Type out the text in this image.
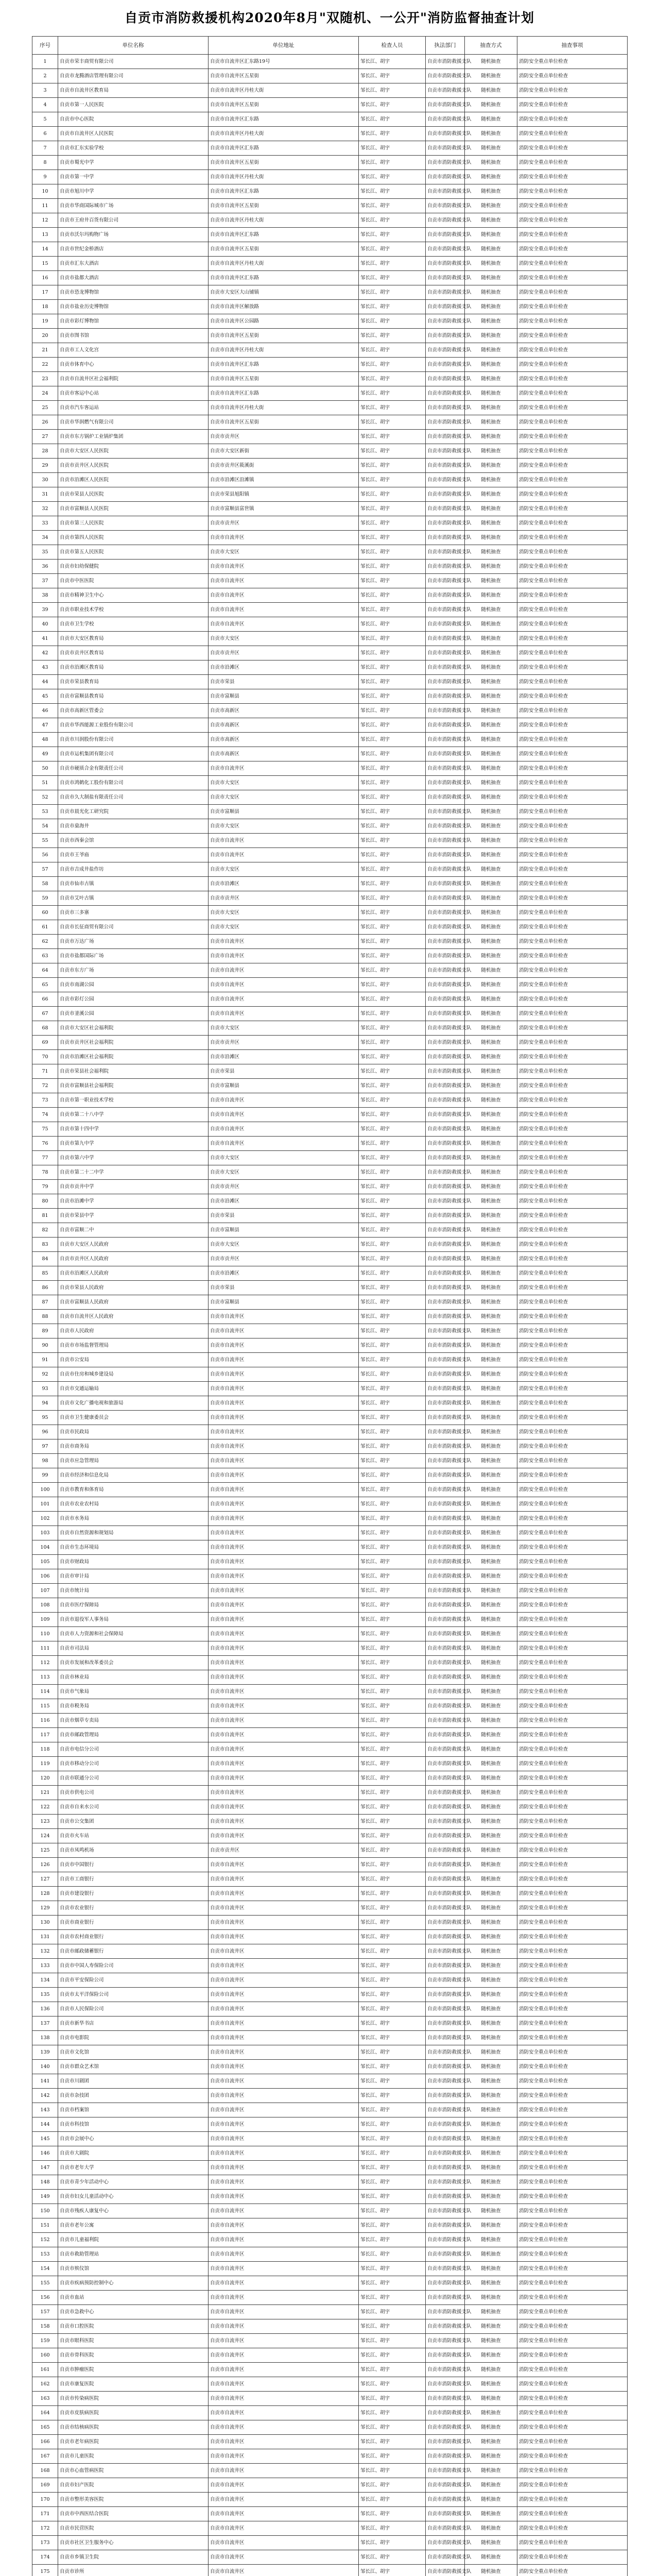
自贡市消防救援机构2020年8月"双随机、一公开"消防监督抽查计划
序号	单位名称	单位地址	检查人员	执法部门	抽查方式	抽查事项
1	自贡市荣丰商贸有限公司	自贡市自流井区汇东路19号	邹长江、胡宇	自贡市消防救援支队	随机抽查	消防安全重点单位检查
2	自贡市龙腾酒店管理有限公司	自贡市自流井区五星街	邹长江、胡宇	自贡市消防救援支队	随机抽查	消防安全重点单位检查
3	自贡市自流井区教育局	自贡市自流井区丹桂大街	邹长江、胡宇	自贡市消防救援支队	随机抽查	消防安全重点单位检查
4	自贡市第一人民医院	自贡市自流井区五星街	邹长江、胡宇	自贡市消防救援支队	随机抽查	消防安全重点单位检查
5	自贡市中心医院	自贡市自流井区汇东路	邹长江、胡宇	自贡市消防救援支队	随机抽查	消防安全重点单位检查
6	自贡市自流井区人民医院	自贡市自流井区丹桂大街	邹长江、胡宇	自贡市消防救援支队	随机抽查	消防安全重点单位检查
7	自贡市汇东实验学校	自贡市自流井区汇东路	邹长江、胡宇	自贡市消防救援支队	随机抽查	消防安全重点单位检查
8	自贡市蜀光中学	自贡市自流井区五星街	邹长江、胡宇	自贡市消防救援支队	随机抽查	消防安全重点单位检查
9	自贡市第一中学	自贡市自流井区丹桂大街	邹长江、胡宇	自贡市消防救援支队	随机抽查	消防安全重点单位检查
10	自贡市旭川中学	自贡市自流井区汇东路	邹长江、胡宇	自贡市消防救援支队	随机抽查	消防安全重点单位检查
11	自贡市华商国际城市广场	自贡市自流井区五星街	邹长江、胡宇	自贡市消防救援支队	随机抽查	消防安全重点单位检查
12	自贡市王府井百货有限公司	自贡市自流井区丹桂大街	邹长江、胡宇	自贡市消防救援支队	随机抽查	消防安全重点单位检查
13	自贡市沃尔玛购物广场	自贡市自流井区汇东路	邹长江、胡宇	自贡市消防救援支队	随机抽查	消防安全重点单位检查
14	自贡市世纪金桥酒店	自贡市自流井区五星街	邹长江、胡宇	自贡市消防救援支队	随机抽查	消防安全重点单位检查
15	自贡市汇东大酒店	自贡市自流井区丹桂大街	邹长江、胡宇	自贡市消防救援支队	随机抽查	消防安全重点单位检查
16	自贡市盐都大酒店	自贡市自流井区汇东路	邹长江、胡宇	自贡市消防救援支队	随机抽查	消防安全重点单位检查
17	自贡市恐龙博物馆	自贡市大安区大山铺镇	邹长江、胡宇	自贡市消防救援支队	随机抽查	消防安全重点单位检查
18	自贡市盐业历史博物馆	自贡市自流井区解放路	邹长江、胡宇	自贡市消防救援支队	随机抽查	消防安全重点单位检查
19	自贡市彩灯博物馆	自贡市自流井区公园路	邹长江、胡宇	自贡市消防救援支队	随机抽查	消防安全重点单位检查
20	自贡市图书馆	自贡市自流井区五星街	邹长江、胡宇	自贡市消防救援支队	随机抽查	消防安全重点单位检查
21	自贡市工人文化宫	自贡市自流井区丹桂大街	邹长江、胡宇	自贡市消防救援支队	随机抽查	消防安全重点单位检查
22	自贡市体育中心	自贡市自流井区汇东路	邹长江、胡宇	自贡市消防救援支队	随机抽查	消防安全重点单位检查
23	自贡市自流井区社会福利院	自贡市自流井区五星街	邹长江、胡宇	自贡市消防救援支队	随机抽查	消防安全重点单位检查
24	自贡市客运中心站	自贡市自流井区汇东路	邹长江、胡宇	自贡市消防救援支队	随机抽查	消防安全重点单位检查
25	自贡市汽车客运站	自贡市自流井区丹桂大街	邹长江、胡宇	自贡市消防救援支队	随机抽查	消防安全重点单位检查
26	自贡市华润燃气有限公司	自贡市自流井区五星街	邹长江、胡宇	自贡市消防救援支队	随机抽查	消防安全重点单位检查
27	自贡市东方锅炉工业锅炉集团	自贡市贡井区	邹长江、胡宇	自贡市消防救援支队	随机抽查	消防安全重点单位检查
28	自贡市大安区人民医院	自贡市大安区新街	邹长江、胡宇	自贡市消防救援支队	随机抽查	消防安全重点单位检查
29	自贡市贡井区人民医院	自贡市贡井区筱溪街	邹长江、胡宇	自贡市消防救援支队	随机抽查	消防安全重点单位检查
30	自贡市沿滩区人民医院	自贡市沿滩区沿滩镇	邹长江、胡宇	自贡市消防救援支队	随机抽查	消防安全重点单位检查
31	自贡市荣县人民医院	自贡市荣县旭阳镇	邹长江、胡宇	自贡市消防救援支队	随机抽查	消防安全重点单位检查
32	自贡市富顺县人民医院	自贡市富顺县富世镇	邹长江、胡宇	自贡市消防救援支队	随机抽查	消防安全重点单位检查
33	自贡市第三人民医院	自贡市贡井区	邹长江、胡宇	自贡市消防救援支队	随机抽查	消防安全重点单位检查
34	自贡市第四人民医院	自贡市自流井区	邹长江、胡宇	自贡市消防救援支队	随机抽查	消防安全重点单位检查
35	自贡市第五人民医院	自贡市大安区	邹长江、胡宇	自贡市消防救援支队	随机抽查	消防安全重点单位检查
36	自贡市妇幼保健院	自贡市自流井区	邹长江、胡宇	自贡市消防救援支队	随机抽查	消防安全重点单位检查
37	自贡市中医医院	自贡市自流井区	邹长江、胡宇	自贡市消防救援支队	随机抽查	消防安全重点单位检查
38	自贡市精神卫生中心	自贡市自流井区	邹长江、胡宇	自贡市消防救援支队	随机抽查	消防安全重点单位检查
39	自贡市职业技术学校	自贡市自流井区	邹长江、胡宇	自贡市消防救援支队	随机抽查	消防安全重点单位检查
40	自贡市卫生学校	自贡市自流井区	邹长江、胡宇	自贡市消防救援支队	随机抽查	消防安全重点单位检查
41	自贡市大安区教育局	自贡市大安区	邹长江、胡宇	自贡市消防救援支队	随机抽查	消防安全重点单位检查
42	自贡市贡井区教育局	自贡市贡井区	邹长江、胡宇	自贡市消防救援支队	随机抽查	消防安全重点单位检查
43	自贡市沿滩区教育局	自贡市沿滩区	邹长江、胡宇	自贡市消防救援支队	随机抽查	消防安全重点单位检查
44	自贡市荣县教育局	自贡市荣县	邹长江、胡宇	自贡市消防救援支队	随机抽查	消防安全重点单位检查
45	自贡市富顺县教育局	自贡市富顺县	邹长江、胡宇	自贡市消防救援支队	随机抽查	消防安全重点单位检查
46	自贡市高新区管委会	自贡市高新区	邹长江、胡宇	自贡市消防救援支队	随机抽查	消防安全重点单位检查
47	自贡市华西能源工业股份有限公司	自贡市高新区	邹长江、胡宇	自贡市消防救援支队	随机抽查	消防安全重点单位检查
48	自贡市川润股份有限公司	自贡市高新区	邹长江、胡宇	自贡市消防救援支队	随机抽查	消防安全重点单位检查
49	自贡市运机集团有限公司	自贡市高新区	邹长江、胡宇	自贡市消防救援支队	随机抽查	消防安全重点单位检查
50	自贡市硬质合金有限责任公司	自贡市自流井区	邹长江、胡宇	自贡市消防救援支队	随机抽查	消防安全重点单位检查
51	自贡市鸿鹤化工股份有限公司	自贡市大安区	邹长江、胡宇	自贡市消防救援支队	随机抽查	消防安全重点单位检查
52	自贡市久大制盐有限责任公司	自贡市大安区	邹长江、胡宇	自贡市消防救援支队	随机抽查	消防安全重点单位检查
53	自贡市晨光化工研究院	自贡市富顺县	邹长江、胡宇	自贡市消防救援支队	随机抽查	消防安全重点单位检查
54	自贡市燊海井	自贡市大安区	邹长江、胡宇	自贡市消防救援支队	随机抽查	消防安全重点单位检查
55	自贡市西秦会馆	自贡市自流井区	邹长江、胡宇	自贡市消防救援支队	随机抽查	消防安全重点单位检查
56	自贡市王爷庙	自贡市自流井区	邹长江、胡宇	自贡市消防救援支队	随机抽查	消防安全重点单位检查
57	自贡市吉成井盐作坊	自贡市大安区	邹长江、胡宇	自贡市消防救援支队	随机抽查	消防安全重点单位检查
58	自贡市仙市古镇	自贡市沿滩区	邹长江、胡宇	自贡市消防救援支队	随机抽查	消防安全重点单位检查
59	自贡市艾叶古镇	自贡市贡井区	邹长江、胡宇	自贡市消防救援支队	随机抽查	消防安全重点单位检查
60	自贡市三多寨	自贡市大安区	邹长江、胡宇	自贡市消防救援支队	随机抽查	消防安全重点单位检查
61	自贡市长征商贸有限公司	自贡市大安区	邹长江、胡宇	自贡市消防救援支队	随机抽查	消防安全重点单位检查
62	自贡市万达广场	自贡市自流井区	邹长江、胡宇	自贡市消防救援支队	随机抽查	消防安全重点单位检查
63	自贡市盐都国际广场	自贡市自流井区	邹长江、胡宇	自贡市消防救援支队	随机抽查	消防安全重点单位检查
64	自贡市东方广场	自贡市自流井区	邹长江、胡宇	自贡市消防救援支队	随机抽查	消防安全重点单位检查
65	自贡市南湖公园	自贡市自流井区	邹长江、胡宇	自贡市消防救援支队	随机抽查	消防安全重点单位检查
66	自贡市彩灯公园	自贡市自流井区	邹长江、胡宇	自贡市消防救援支队	随机抽查	消防安全重点单位检查
67	自贡市釜溪公园	自贡市自流井区	邹长江、胡宇	自贡市消防救援支队	随机抽查	消防安全重点单位检查
68	自贡市大安区社会福利院	自贡市大安区	邹长江、胡宇	自贡市消防救援支队	随机抽查	消防安全重点单位检查
69	自贡市贡井区社会福利院	自贡市贡井区	邹长江、胡宇	自贡市消防救援支队	随机抽查	消防安全重点单位检查
70	自贡市沿滩区社会福利院	自贡市沿滩区	邹长江、胡宇	自贡市消防救援支队	随机抽查	消防安全重点单位检查
71	自贡市荣县社会福利院	自贡市荣县	邹长江、胡宇	自贡市消防救援支队	随机抽查	消防安全重点单位检查
72	自贡市富顺县社会福利院	自贡市富顺县	邹长江、胡宇	自贡市消防救援支队	随机抽查	消防安全重点单位检查
73	自贡市第一职业技术学校	自贡市自流井区	邹长江、胡宇	自贡市消防救援支队	随机抽查	消防安全重点单位检查
74	自贡市第二十八中学	自贡市自流井区	邹长江、胡宇	自贡市消防救援支队	随机抽查	消防安全重点单位检查
75	自贡市第十四中学	自贡市自流井区	邹长江、胡宇	自贡市消防救援支队	随机抽查	消防安全重点单位检查
76	自贡市第九中学	自贡市自流井区	邹长江、胡宇	自贡市消防救援支队	随机抽查	消防安全重点单位检查
77	自贡市第六中学	自贡市大安区	邹长江、胡宇	自贡市消防救援支队	随机抽查	消防安全重点单位检查
78	自贡市第二十二中学	自贡市大安区	邹长江、胡宇	自贡市消防救援支队	随机抽查	消防安全重点单位检查
79	自贡市贡井中学	自贡市贡井区	邹长江、胡宇	自贡市消防救援支队	随机抽查	消防安全重点单位检查
80	自贡市沿滩中学	自贡市沿滩区	邹长江、胡宇	自贡市消防救援支队	随机抽查	消防安全重点单位检查
81	自贡市荣县中学	自贡市荣县	邹长江、胡宇	自贡市消防救援支队	随机抽查	消防安全重点单位检查
82	自贡市富顺二中	自贡市富顺县	邹长江、胡宇	自贡市消防救援支队	随机抽查	消防安全重点单位检查
83	自贡市大安区人民政府	自贡市大安区	邹长江、胡宇	自贡市消防救援支队	随机抽查	消防安全重点单位检查
84	自贡市贡井区人民政府	自贡市贡井区	邹长江、胡宇	自贡市消防救援支队	随机抽查	消防安全重点单位检查
85	自贡市沿滩区人民政府	自贡市沿滩区	邹长江、胡宇	自贡市消防救援支队	随机抽查	消防安全重点单位检查
86	自贡市荣县人民政府	自贡市荣县	邹长江、胡宇	自贡市消防救援支队	随机抽查	消防安全重点单位检查
87	自贡市富顺县人民政府	自贡市富顺县	邹长江、胡宇	自贡市消防救援支队	随机抽查	消防安全重点单位检查
88	自贡市自流井区人民政府	自贡市自流井区	邹长江、胡宇	自贡市消防救援支队	随机抽查	消防安全重点单位检查
89	自贡市人民政府	自贡市自流井区	邹长江、胡宇	自贡市消防救援支队	随机抽查	消防安全重点单位检查
90	自贡市市场监督管理局	自贡市自流井区	邹长江、胡宇	自贡市消防救援支队	随机抽查	消防安全重点单位检查
91	自贡市公安局	自贡市自流井区	邹长江、胡宇	自贡市消防救援支队	随机抽查	消防安全重点单位检查
92	自贡市住房和城乡建设局	自贡市自流井区	邹长江、胡宇	自贡市消防救援支队	随机抽查	消防安全重点单位检查
93	自贡市交通运输局	自贡市自流井区	邹长江、胡宇	自贡市消防救援支队	随机抽查	消防安全重点单位检查
94	自贡市文化广播电视和旅游局	自贡市自流井区	邹长江、胡宇	自贡市消防救援支队	随机抽查	消防安全重点单位检查
95	自贡市卫生健康委员会	自贡市自流井区	邹长江、胡宇	自贡市消防救援支队	随机抽查	消防安全重点单位检查
96	自贡市民政局	自贡市自流井区	邹长江、胡宇	自贡市消防救援支队	随机抽查	消防安全重点单位检查
97	自贡市商务局	自贡市自流井区	邹长江、胡宇	自贡市消防救援支队	随机抽查	消防安全重点单位检查
98	自贡市应急管理局	自贡市自流井区	邹长江、胡宇	自贡市消防救援支队	随机抽查	消防安全重点单位检查
99	自贡市经济和信息化局	自贡市自流井区	邹长江、胡宇	自贡市消防救援支队	随机抽查	消防安全重点单位检查
100	自贡市教育和体育局	自贡市自流井区	邹长江、胡宇	自贡市消防救援支队	随机抽查	消防安全重点单位检查
101	自贡市农业农村局	自贡市自流井区	邹长江、胡宇	自贡市消防救援支队	随机抽查	消防安全重点单位检查
102	自贡市水务局	自贡市自流井区	邹长江、胡宇	自贡市消防救援支队	随机抽查	消防安全重点单位检查
103	自贡市自然资源和规划局	自贡市自流井区	邹长江、胡宇	自贡市消防救援支队	随机抽查	消防安全重点单位检查
104	自贡市生态环境局	自贡市自流井区	邹长江、胡宇	自贡市消防救援支队	随机抽查	消防安全重点单位检查
105	自贡市财政局	自贡市自流井区	邹长江、胡宇	自贡市消防救援支队	随机抽查	消防安全重点单位检查
106	自贡市审计局	自贡市自流井区	邹长江、胡宇	自贡市消防救援支队	随机抽查	消防安全重点单位检查
107	自贡市统计局	自贡市自流井区	邹长江、胡宇	自贡市消防救援支队	随机抽查	消防安全重点单位检查
108	自贡市医疗保障局	自贡市自流井区	邹长江、胡宇	自贡市消防救援支队	随机抽查	消防安全重点单位检查
109	自贡市退役军人事务局	自贡市自流井区	邹长江、胡宇	自贡市消防救援支队	随机抽查	消防安全重点单位检查
110	自贡市人力资源和社会保障局	自贡市自流井区	邹长江、胡宇	自贡市消防救援支队	随机抽查	消防安全重点单位检查
111	自贡市司法局	自贡市自流井区	邹长江、胡宇	自贡市消防救援支队	随机抽查	消防安全重点单位检查
112	自贡市发展和改革委员会	自贡市自流井区	邹长江、胡宇	自贡市消防救援支队	随机抽查	消防安全重点单位检查
113	自贡市林业局	自贡市自流井区	邹长江、胡宇	自贡市消防救援支队	随机抽查	消防安全重点单位检查
114	自贡市气象局	自贡市自流井区	邹长江、胡宇	自贡市消防救援支队	随机抽查	消防安全重点单位检查
115	自贡市税务局	自贡市自流井区	邹长江、胡宇	自贡市消防救援支队	随机抽查	消防安全重点单位检查
116	自贡市烟草专卖局	自贡市自流井区	邹长江、胡宇	自贡市消防救援支队	随机抽查	消防安全重点单位检查
117	自贡市邮政管理局	自贡市自流井区	邹长江、胡宇	自贡市消防救援支队	随机抽查	消防安全重点单位检查
118	自贡市电信分公司	自贡市自流井区	邹长江、胡宇	自贡市消防救援支队	随机抽查	消防安全重点单位检查
119	自贡市移动分公司	自贡市自流井区	邹长江、胡宇	自贡市消防救援支队	随机抽查	消防安全重点单位检查
120	自贡市联通分公司	自贡市自流井区	邹长江、胡宇	自贡市消防救援支队	随机抽查	消防安全重点单位检查
121	自贡市供电公司	自贡市自流井区	邹长江、胡宇	自贡市消防救援支队	随机抽查	消防安全重点单位检查
122	自贡市自来水公司	自贡市自流井区	邹长江、胡宇	自贡市消防救援支队	随机抽查	消防安全重点单位检查
123	自贡市公交集团	自贡市自流井区	邹长江、胡宇	自贡市消防救援支队	随机抽查	消防安全重点单位检查
124	自贡市火车站	自贡市自流井区	邹长江、胡宇	自贡市消防救援支队	随机抽查	消防安全重点单位检查
125	自贡市凤鸣机场	自贡市贡井区	邹长江、胡宇	自贡市消防救援支队	随机抽查	消防安全重点单位检查
126	自贡市中国银行	自贡市自流井区	邹长江、胡宇	自贡市消防救援支队	随机抽查	消防安全重点单位检查
127	自贡市工商银行	自贡市自流井区	邹长江、胡宇	自贡市消防救援支队	随机抽查	消防安全重点单位检查
128	自贡市建设银行	自贡市自流井区	邹长江、胡宇	自贡市消防救援支队	随机抽查	消防安全重点单位检查
129	自贡市农业银行	自贡市自流井区	邹长江、胡宇	自贡市消防救援支队	随机抽查	消防安全重点单位检查
130	自贡市商业银行	自贡市自流井区	邹长江、胡宇	自贡市消防救援支队	随机抽查	消防安全重点单位检查
131	自贡市农村商业银行	自贡市自流井区	邹长江、胡宇	自贡市消防救援支队	随机抽查	消防安全重点单位检查
132	自贡市邮政储蓄银行	自贡市自流井区	邹长江、胡宇	自贡市消防救援支队	随机抽查	消防安全重点单位检查
133	自贡市中国人寿保险公司	自贡市自流井区	邹长江、胡宇	自贡市消防救援支队	随机抽查	消防安全重点单位检查
134	自贡市平安保险公司	自贡市自流井区	邹长江、胡宇	自贡市消防救援支队	随机抽查	消防安全重点单位检查
135	自贡市太平洋保险公司	自贡市自流井区	邹长江、胡宇	自贡市消防救援支队	随机抽查	消防安全重点单位检查
136	自贡市人民保险公司	自贡市自流井区	邹长江、胡宇	自贡市消防救援支队	随机抽查	消防安全重点单位检查
137	自贡市新华书店	自贡市自流井区	邹长江、胡宇	自贡市消防救援支队	随机抽查	消防安全重点单位检查
138	自贡市电影院	自贡市自流井区	邹长江、胡宇	自贡市消防救援支队	随机抽查	消防安全重点单位检查
139	自贡市文化馆	自贡市自流井区	邹长江、胡宇	自贡市消防救援支队	随机抽查	消防安全重点单位检查
140	自贡市群众艺术馆	自贡市自流井区	邹长江、胡宇	自贡市消防救援支队	随机抽查	消防安全重点单位检查
141	自贡市川剧团	自贡市自流井区	邹长江、胡宇	自贡市消防救援支队	随机抽查	消防安全重点单位检查
142	自贡市杂技团	自贡市自流井区	邹长江、胡宇	自贡市消防救援支队	随机抽查	消防安全重点单位检查
143	自贡市档案馆	自贡市自流井区	邹长江、胡宇	自贡市消防救援支队	随机抽查	消防安全重点单位检查
144	自贡市科技馆	自贡市自流井区	邹长江、胡宇	自贡市消防救援支队	随机抽查	消防安全重点单位检查
145	自贡市会展中心	自贡市自流井区	邹长江、胡宇	自贡市消防救援支队	随机抽查	消防安全重点单位检查
146	自贡市大剧院	自贡市自流井区	邹长江、胡宇	自贡市消防救援支队	随机抽查	消防安全重点单位检查
147	自贡市老年大学	自贡市自流井区	邹长江、胡宇	自贡市消防救援支队	随机抽查	消防安全重点单位检查
148	自贡市青少年活动中心	自贡市自流井区	邹长江、胡宇	自贡市消防救援支队	随机抽查	消防安全重点单位检查
149	自贡市妇女儿童活动中心	自贡市自流井区	邹长江、胡宇	自贡市消防救援支队	随机抽查	消防安全重点单位检查
150	自贡市残疾人康复中心	自贡市自流井区	邹长江、胡宇	自贡市消防救援支队	随机抽查	消防安全重点单位检查
151	自贡市老年公寓	自贡市自流井区	邹长江、胡宇	自贡市消防救援支队	随机抽查	消防安全重点单位检查
152	自贡市儿童福利院	自贡市自流井区	邹长江、胡宇	自贡市消防救援支队	随机抽查	消防安全重点单位检查
153	自贡市救助管理站	自贡市自流井区	邹长江、胡宇	自贡市消防救援支队	随机抽查	消防安全重点单位检查
154	自贡市殡仪馆	自贡市自流井区	邹长江、胡宇	自贡市消防救援支队	随机抽查	消防安全重点单位检查
155	自贡市疾病预防控制中心	自贡市自流井区	邹长江、胡宇	自贡市消防救援支队	随机抽查	消防安全重点单位检查
156	自贡市血站	自贡市自流井区	邹长江、胡宇	自贡市消防救援支队	随机抽查	消防安全重点单位检查
157	自贡市急救中心	自贡市自流井区	邹长江、胡宇	自贡市消防救援支队	随机抽查	消防安全重点单位检查
158	自贡市口腔医院	自贡市自流井区	邹长江、胡宇	自贡市消防救援支队	随机抽查	消防安全重点单位检查
159	自贡市眼科医院	自贡市自流井区	邹长江、胡宇	自贡市消防救援支队	随机抽查	消防安全重点单位检查
160	自贡市骨科医院	自贡市自流井区	邹长江、胡宇	自贡市消防救援支队	随机抽查	消防安全重点单位检查
161	自贡市肿瘤医院	自贡市自流井区	邹长江、胡宇	自贡市消防救援支队	随机抽查	消防安全重点单位检查
162	自贡市康复医院	自贡市自流井区	邹长江、胡宇	自贡市消防救援支队	随机抽查	消防安全重点单位检查
163	自贡市传染病医院	自贡市自流井区	邹长江、胡宇	自贡市消防救援支队	随机抽查	消防安全重点单位检查
164	自贡市皮肤病医院	自贡市自流井区	邹长江、胡宇	自贡市消防救援支队	随机抽查	消防安全重点单位检查
165	自贡市结核病医院	自贡市自流井区	邹长江、胡宇	自贡市消防救援支队	随机抽查	消防安全重点单位检查
166	自贡市老年病医院	自贡市自流井区	邹长江、胡宇	自贡市消防救援支队	随机抽查	消防安全重点单位检查
167	自贡市儿童医院	自贡市自流井区	邹长江、胡宇	自贡市消防救援支队	随机抽查	消防安全重点单位检查
168	自贡市心血管病医院	自贡市自流井区	邹长江、胡宇	自贡市消防救援支队	随机抽查	消防安全重点单位检查
169	自贡市妇产医院	自贡市自流井区	邹长江、胡宇	自贡市消防救援支队	随机抽查	消防安全重点单位检查
170	自贡市整形美容医院	自贡市自流井区	邹长江、胡宇	自贡市消防救援支队	随机抽查	消防安全重点单位检查
171	自贡市中西医结合医院	自贡市自流井区	邹长江、胡宇	自贡市消防救援支队	随机抽查	消防安全重点单位检查
172	自贡市民营医院	自贡市自流井区	邹长江、胡宇	自贡市消防救援支队	随机抽查	消防安全重点单位检查
173	自贡市社区卫生服务中心	自贡市自流井区	邹长江、胡宇	自贡市消防救援支队	随机抽查	消防安全重点单位检查
174	自贡市乡镇卫生院	自贡市自流井区	邹长江、胡宇	自贡市消防救援支队	随机抽查	消防安全重点单位检查
175	自贡市诊所	自贡市自流井区	邹长江、胡宇	自贡市消防救援支队	随机抽查	消防安全重点单位检查
